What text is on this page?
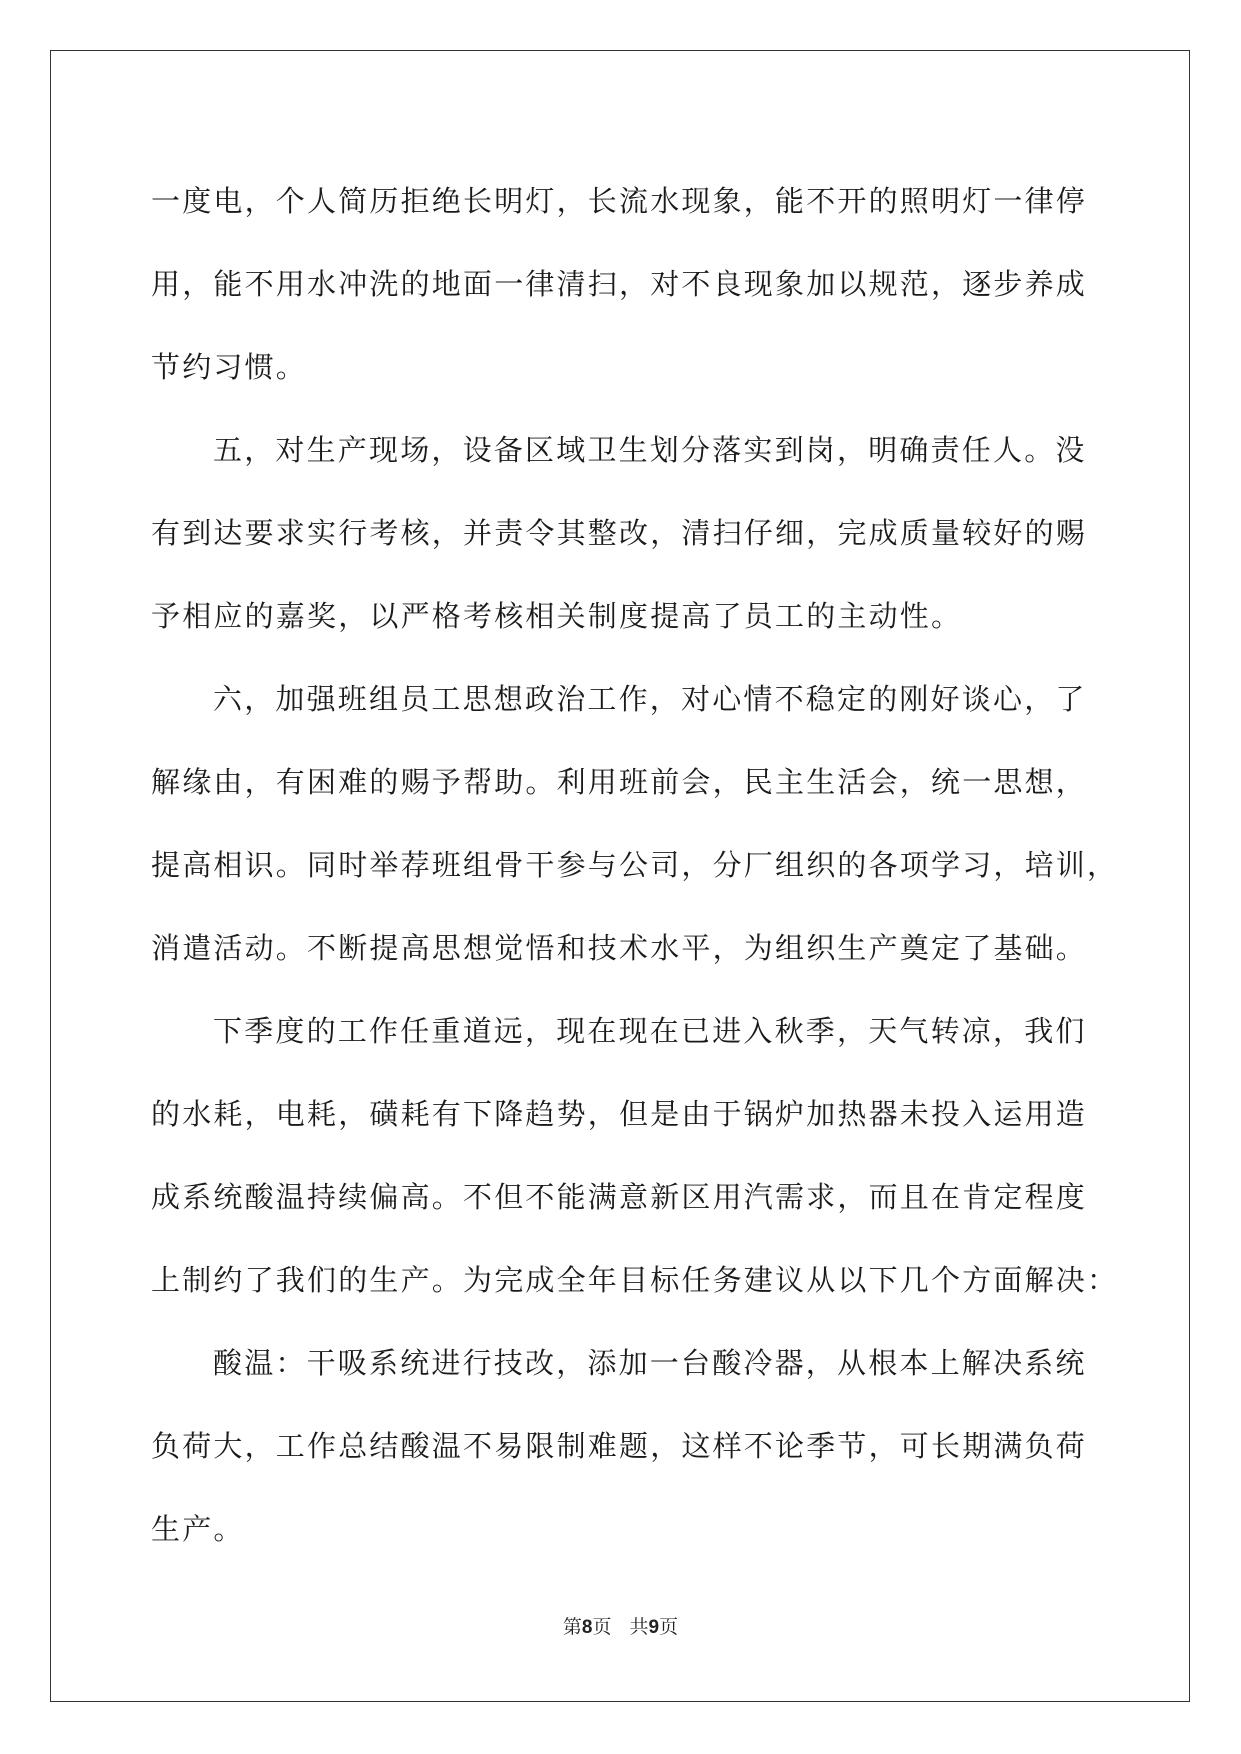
一度电，个人简历拒绝长明灯，长流水现象，能不开的照明灯一律停
用，能不用水冲洗的地面一律清扫，对不良现象加以规范，逐步养成
节约习惯。
五，对生产现场，设备区域卫生划分落实到岗，明确责任人。没
有到达要求实行考核，并责令其整改，清扫仔细，完成质量较好的赐
予相应的嘉奖，以严格考核相关制度提高了员工的主动性。
六，加强班组员工思想政治工作，对心情不稳定的刚好谈心，了
解缘由，有困难的赐予帮助。利用班前会，民主生活会，统一思想，
提高相识。同时举荐班组骨干参与公司，分厂组织的各项学习，培训，
消遣活动。不断提高思想觉悟和技术水平，为组织生产奠定了基础。
下季度的工作任重道远，现在现在已进入秋季，天气转凉，我们
的水耗，电耗，磺耗有下降趋势，但是由于锅炉加热器未投入运用造
成系统酸温持续偏高。不但不能满意新区用汽需求，而且在肯定程度
上制约了我们的生产。为完成全年目标任务建议从以下几个方面解决：
酸温：干吸系统进行技改，添加一台酸冷器，从根本上解决系统
负荷大，工作总结酸温不易限制难题，这样不论季节，可长期满负荷
生产。
第8页 共9页
